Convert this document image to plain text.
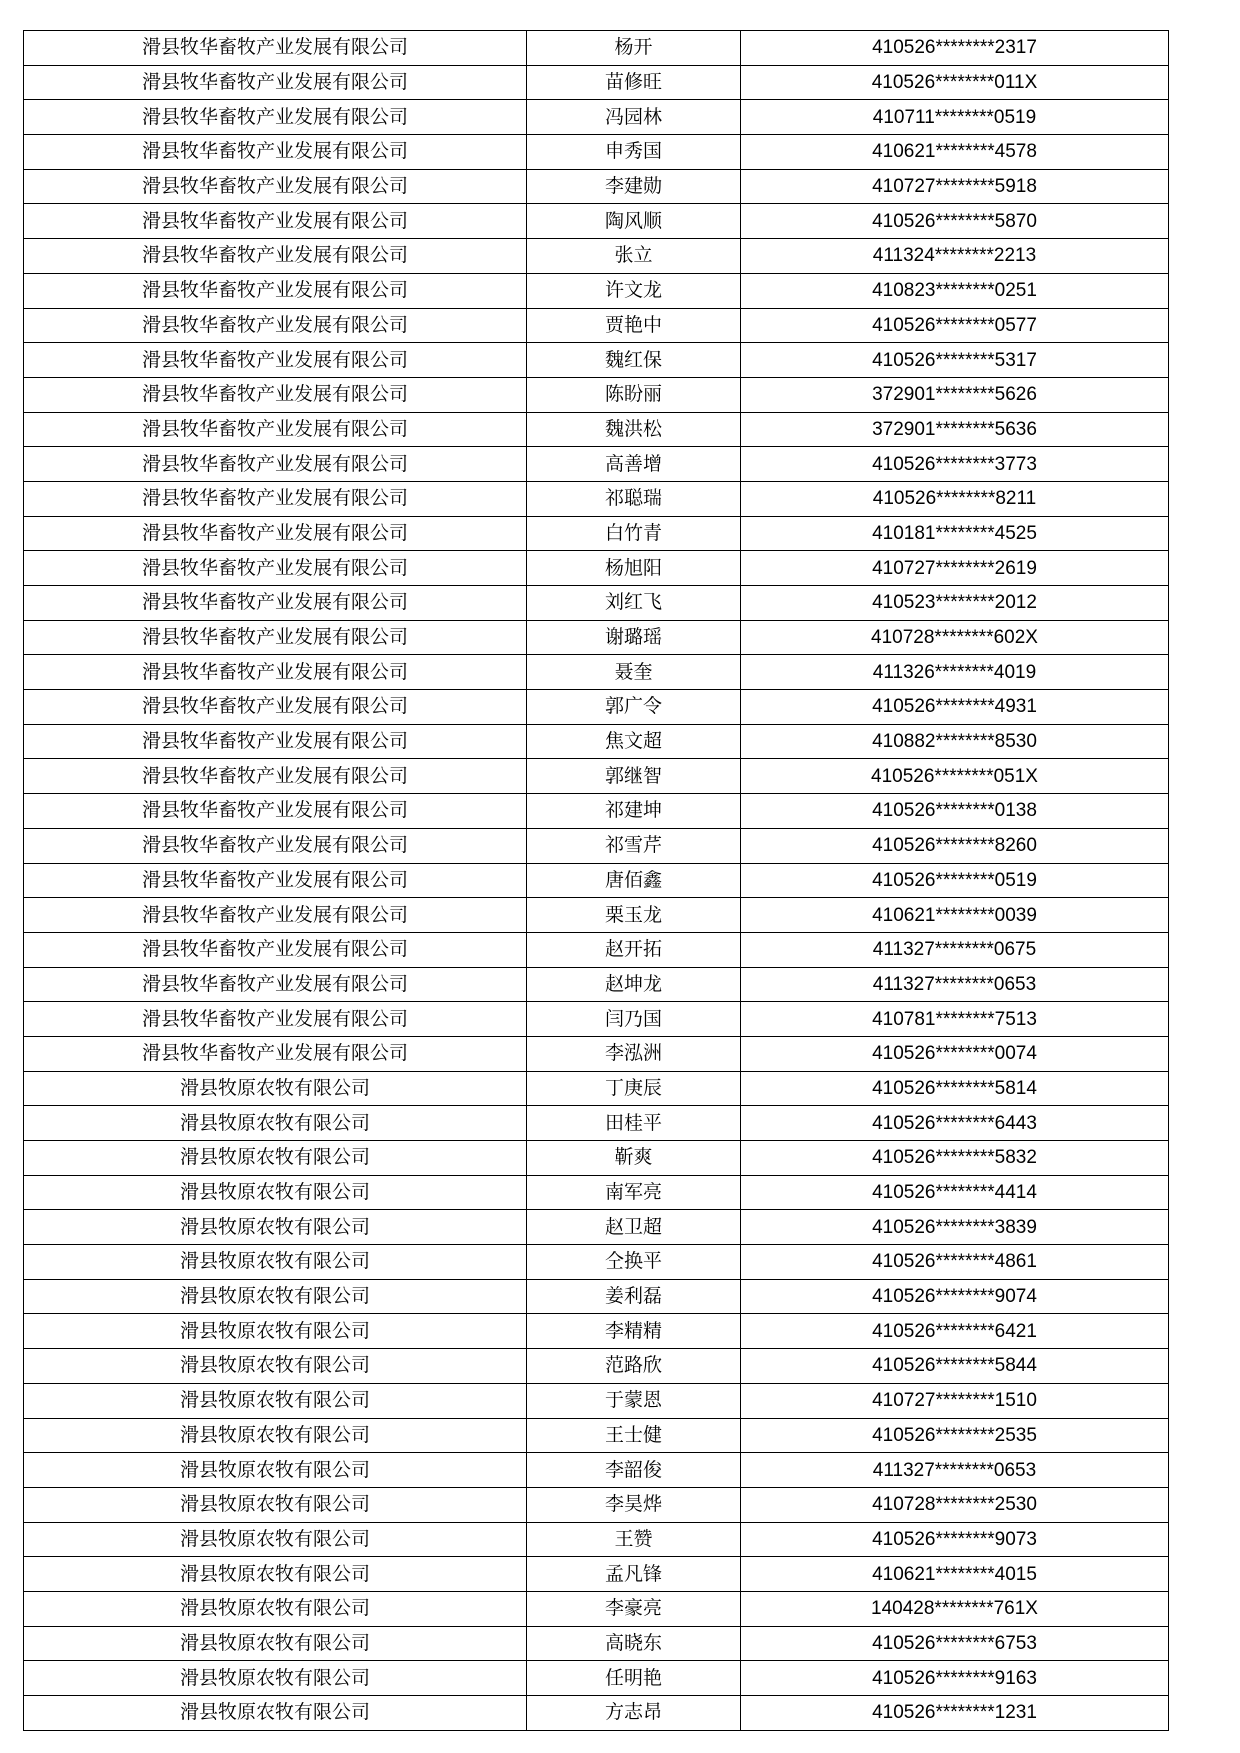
滑县牧华畜牧产业发展有限公司	杨开	410526********2317
滑县牧华畜牧产业发展有限公司	苗修旺	410526********011X
滑县牧华畜牧产业发展有限公司	冯园林	410711********0519
滑县牧华畜牧产业发展有限公司	申秀国	410621********4578
滑县牧华畜牧产业发展有限公司	李建勋	410727********5918
滑县牧华畜牧产业发展有限公司	陶风顺	410526********5870
滑县牧华畜牧产业发展有限公司	张立	411324********2213
滑县牧华畜牧产业发展有限公司	许文龙	410823********0251
滑县牧华畜牧产业发展有限公司	贾艳中	410526********0577
滑县牧华畜牧产业发展有限公司	魏红保	410526********5317
滑县牧华畜牧产业发展有限公司	陈盼丽	372901********5626
滑县牧华畜牧产业发展有限公司	魏洪松	372901********5636
滑县牧华畜牧产业发展有限公司	高善增	410526********3773
滑县牧华畜牧产业发展有限公司	祁聪瑞	410526********8211
滑县牧华畜牧产业发展有限公司	白竹青	410181********4525
滑县牧华畜牧产业发展有限公司	杨旭阳	410727********2619
滑县牧华畜牧产业发展有限公司	刘红飞	410523********2012
滑县牧华畜牧产业发展有限公司	谢璐瑶	410728********602X
滑县牧华畜牧产业发展有限公司	聂奎	411326********4019
滑县牧华畜牧产业发展有限公司	郭广令	410526********4931
滑县牧华畜牧产业发展有限公司	焦文超	410882********8530
滑县牧华畜牧产业发展有限公司	郭继智	410526********051X
滑县牧华畜牧产业发展有限公司	祁建坤	410526********0138
滑县牧华畜牧产业发展有限公司	祁雪芹	410526********8260
滑县牧华畜牧产业发展有限公司	唐佰鑫	410526********0519
滑县牧华畜牧产业发展有限公司	栗玉龙	410621********0039
滑县牧华畜牧产业发展有限公司	赵开拓	411327********0675
滑县牧华畜牧产业发展有限公司	赵坤龙	411327********0653
滑县牧华畜牧产业发展有限公司	闫乃国	410781********7513
滑县牧华畜牧产业发展有限公司	李泓洲	410526********0074
滑县牧原农牧有限公司	丁庚辰	410526********5814
滑县牧原农牧有限公司	田桂平	410526********6443
滑县牧原农牧有限公司	靳爽	410526********5832
滑县牧原农牧有限公司	南军亮	410526********4414
滑县牧原农牧有限公司	赵卫超	410526********3839
滑县牧原农牧有限公司	仝换平	410526********4861
滑县牧原农牧有限公司	姜利磊	410526********9074
滑县牧原农牧有限公司	李精精	410526********6421
滑县牧原农牧有限公司	范路欣	410526********5844
滑县牧原农牧有限公司	于蒙恩	410727********1510
滑县牧原农牧有限公司	王士健	410526********2535
滑县牧原农牧有限公司	李韶俊	411327********0653
滑县牧原农牧有限公司	李昊烨	410728********2530
滑县牧原农牧有限公司	王赞	410526********9073
滑县牧原农牧有限公司	孟凡锋	410621********4015
滑县牧原农牧有限公司	李豪亮	140428********761X
滑县牧原农牧有限公司	高晓东	410526********6753
滑县牧原农牧有限公司	任明艳	410526********9163
滑县牧原农牧有限公司	方志昂	410526********1231
